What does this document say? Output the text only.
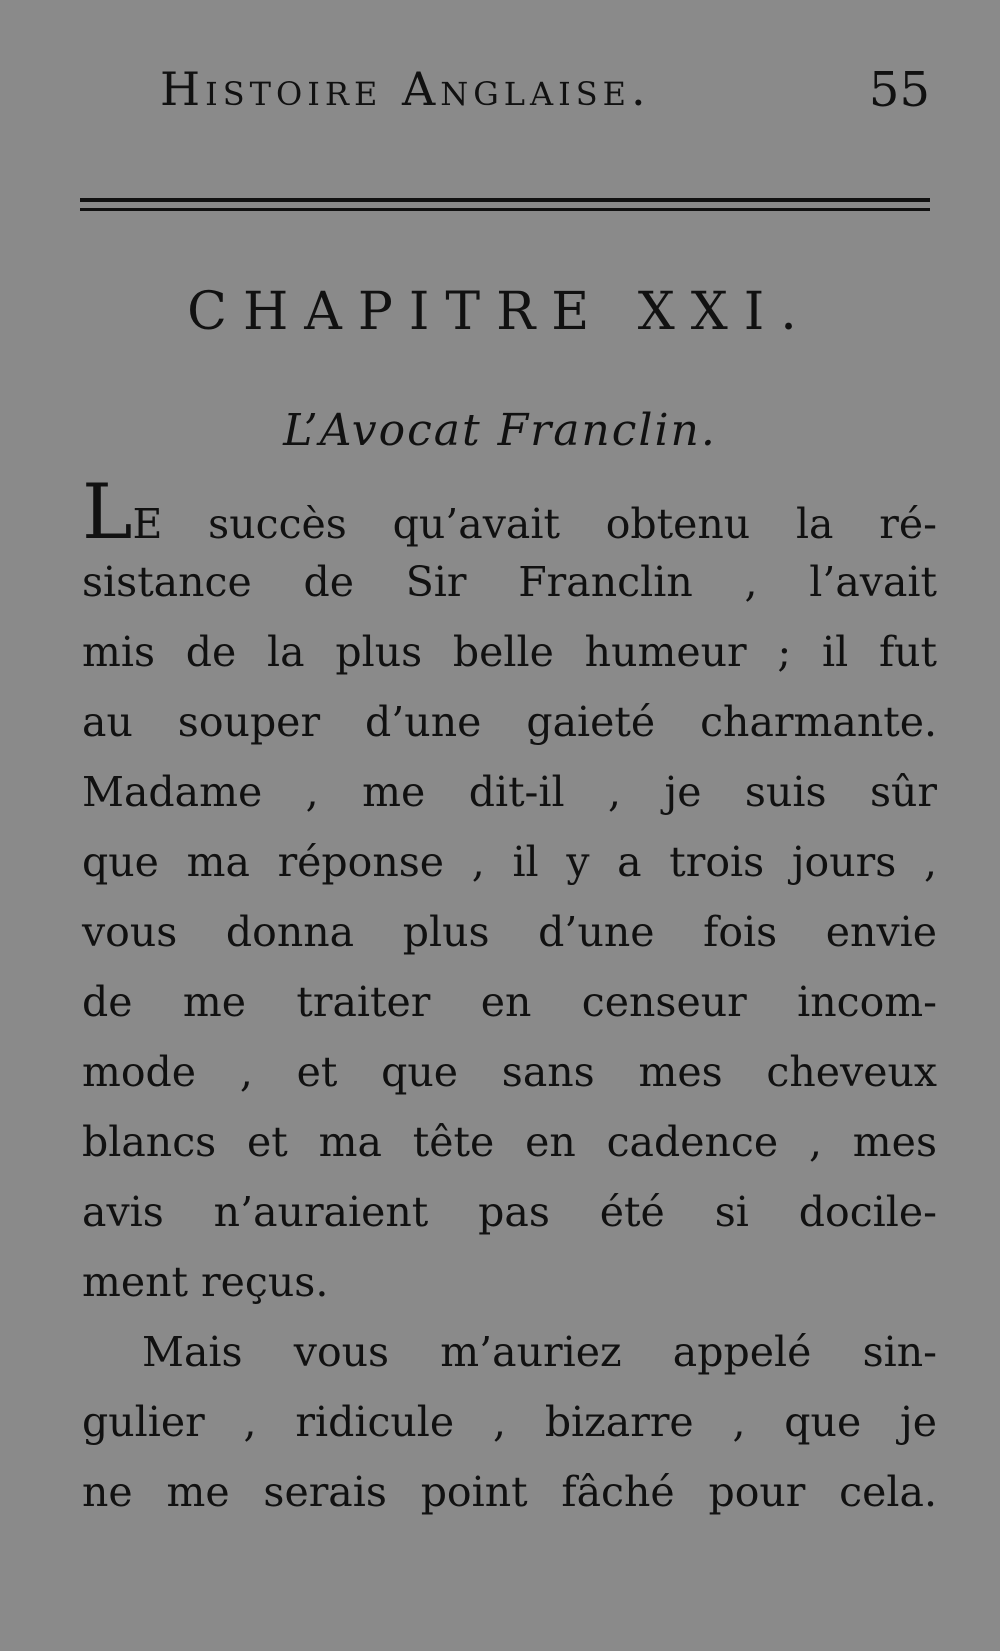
Histoire Anglaise.	55
CHAPITRE XXI.
L’Avocat Franclin.
LE succès qu’avait obtenu la ré-
sistance de Sir Franclin , l’avait
mis de la plus belle humeur ; il fut
au souper d’une gaieté charmante.
Madame , me dit-il , je suis sûr
que ma réponse , il y a trois jours ,
vous donna plus d’une fois envie
de me traiter en censeur incom-
mode , et que sans mes cheveux
blancs et ma tête en cadence , mes
avis n’auraient pas été si docile-
ment reçus.
Mais vous m’auriez appelé sin-
gulier , ridicule , bizarre , que je
ne me serais point fâché pour cela.
